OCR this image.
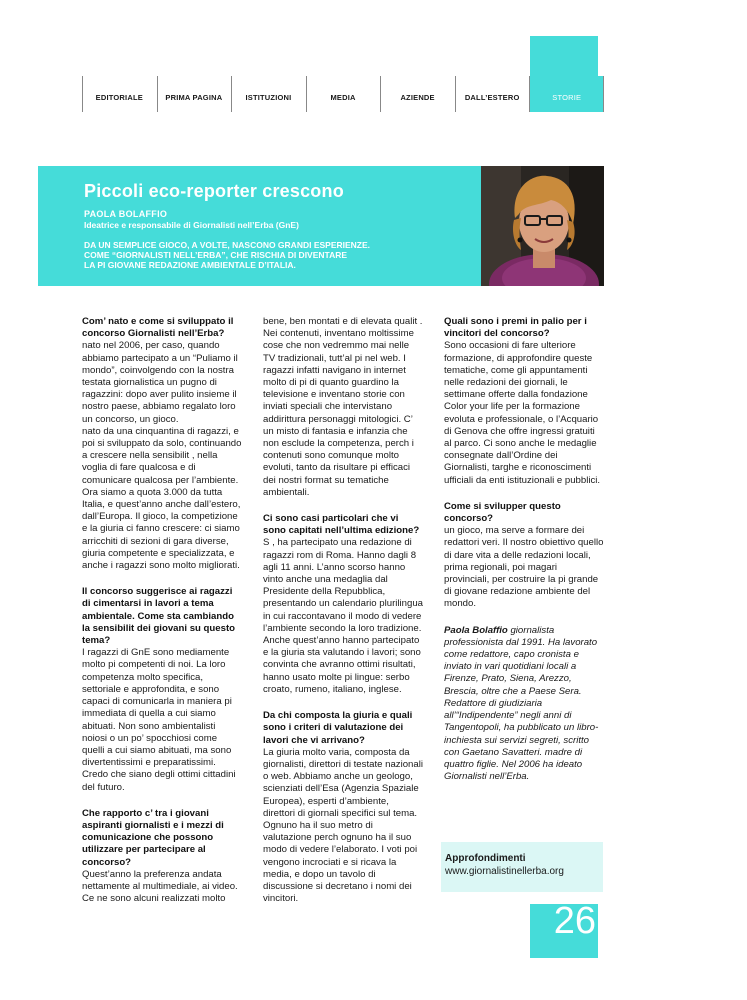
EDITORIALE	PRIMA PAGINA	ISTITUZIONI	MEDIA	AZIENDE	DALL’ESTERO	STORIE
Piccoli eco-reporter crescono
PAOLA BOLAFFIO
Ideatrice e responsabile di Giornalisti nell’Erba (GnE)
DA UN SEMPLICE GIOCO, A VOLTE, NASCONO GRANDI ESPERIENZE.
COME “GIORNALISTI NELL’ERBA”, CHE RISCHIA DI DIVENTARE
LA PI GIOVANE REDAZIONE AMBIENTALE D’ITALIA.

Com’ nato e come si sviluppato il concorso Giornalisti nell’Erba?

nato nel 2006, per caso, quando abbiamo partecipato a un “Puliamo il mondo”, coinvolgendo con la nostra testata giornalistica un pugno di ragazzini: dopo aver pulito insieme il nostro paese, abbiamo regalato loro un concorso, un gioco.

nato da una cinquantina di ragazzi, e poi si sviluppato da solo, continuando a crescere nella sensibilit , nella voglia di fare qualcosa e di comunicare qualcosa per l’ambiente. Ora siamo a quota 3.000 da tutta Italia, e quest’anno anche dall’estero, dall’Europa. Il gioco, la competizione e la giuria ci fanno crescere: ci siamo arricchiti di sezioni di gara diverse, giuria competente e specializzata, e anche i ragazzi sono molto migliorati.

Il concorso suggerisce ai ragazzi di cimentarsi in lavori a tema ambientale. Come sta cambiando la sensibilit dei giovani su questo tema?

I ragazzi di GnE sono mediamente molto pi competenti di noi. La loro competenza molto specifica, settoriale e approfondita, e sono capaci di comunicarla in maniera pi immediata di quella a cui siamo abituati. Non sono ambientalisti noiosi o un po’ spocchiosi come quelli a cui siamo abituati, ma sono divertentissimi e preparatissimi. Credo che siano degli ottimi cittadini del futuro.

Che rapporto c’ tra i giovani aspiranti giornalisti e i mezzi di comunicazione che possono utilizzare per partecipare al concorso?

Quest’anno la preferenza andata nettamente al multimediale, ai video. Ce ne sono alcuni realizzati molto

bene, ben montati e di elevata qualit . Nei contenuti, inventano moltissime cose che non vedremmo mai nelle TV tradizionali, tutt’al pi nel web. I ragazzi infatti navigano in internet molto di pi di quanto guardino la televisione e inventano storie con inviati speciali che intervistano addirittura personaggi mitologici. C’ un misto di fantasia e infanzia che non esclude la competenza, perch i contenuti sono comunque molto evoluti, tanto da risultare pi efficaci dei nostri format su tematiche ambientali.

Ci sono casi particolari che vi sono capitati nell’ultima edizione?

S , ha partecipato una redazione di ragazzi rom di Roma. Hanno dagli 8 agli 11 anni. L’anno scorso hanno vinto anche una medaglia dal Presidente della Repubblica, presentando un calendario plurilingua in cui raccontavano il modo di vedere l’ambiente secondo la loro tradizione. Anche quest’anno hanno partecipato e la giuria sta valutando i lavori; sono convinta che avranno ottimi risultati, hanno usato molte pi lingue: serbo croato, rumeno, italiano, inglese.

Da chi composta la giuria e quali sono i criteri di valutazione dei lavori che vi arrivano?

La giuria molto varia, composta da giornalisti, direttori di testate nazionali o web. Abbiamo anche un geologo, scienziati dell’Esa (Agenzia Spaziale Europea), esperti d’ambiente, direttori di giornali specifici sul tema. Ognuno ha il suo metro di valutazione perch ognuno ha il suo modo di vedere l’elaborato. I voti poi vengono incrociati e si ricava la media, e dopo un tavolo di discussione si decretano i nomi dei vincitori.

Quali sono i premi in palio per i vincitori del concorso?

Sono occasioni di fare ulteriore formazione, di approfondire queste tematiche, come gli appuntamenti nelle redazioni dei giornali, le settimane offerte dalla fondazione Color your life per la formazione evoluta e professionale, o l’Acquario di Genova che offre ingressi gratuiti al parco. Ci sono anche le medaglie consegnate dall’Ordine dei Giornalisti, targhe e riconoscimenti ufficiali da enti istituzionali e pubblici.

Come si svilupper questo concorso?

un gioco, ma serve a formare dei redattori veri. Il nostro obiettivo quello di dare vita a delle redazioni locali, prima regionali, poi magari provinciali, per costruire la pi grande di giovane redazione ambiente del mondo.

Paola Bolaffio giornalista professionista dal 1991. Ha lavorato come redattore, capo cronista e inviato in vari quotidiani locali a Firenze, Prato, Siena, Arezzo, Brescia, oltre che a Paese Sera. Redattore di giudiziaria all’“Indipendente” negli anni di Tangentopoli, ha pubblicato un libro-inchiesta sui servizi segreti, scritto con Gaetano Savatteri. madre di quattro figlie. Nel 2006 ha ideato Giornalisti nell’Erba.

Approfondimenti
www.giornalistinellerba.org
26
